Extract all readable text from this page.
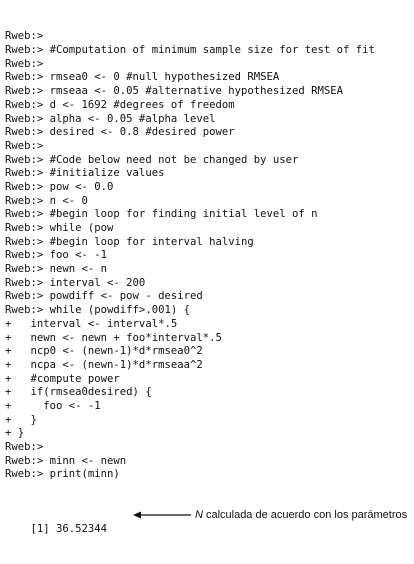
Rweb:>
Rweb:> #Computation of minimum sample size for test of fit
Rweb:>
Rweb:> rmsea0 <- 0 #null hypothesized RMSEA
Rweb:> rmseaa <- 0.05 #alternative hypothesized RMSEA
Rweb:> d <- 1692 #degrees of freedom
Rweb:> alpha <- 0.05 #alpha level
Rweb:> desired <- 0.8 #desired power
Rweb:>
Rweb:> #Code below need not be changed by user
Rweb:> #initialize values
Rweb:> pow <- 0.0
Rweb:> n <- 0
Rweb:> #begin loop for finding initial level of n
Rweb:> while (pow
Rweb:> #begin loop for interval halving
Rweb:> foo <- -1
Rweb:> newn <- n
Rweb:> interval <- 200
Rweb:> powdiff <- pow - desired
Rweb:> while (powdiff>.001) {
+   interval <- interval*.5
+   newn <- newn + foo*interval*.5
+   ncp0 <- (newn-1)*d*rmsea0^2
+   ncpa <- (newn-1)*d*rmseaa^2
+   #compute power
+   if(rmsea0desired) {
+     foo <- -1
+   }
+ }
Rweb:>
Rweb:> minn <- newn
Rweb:> print(minn)

[1] 36.52344

N calculada de acuerdo con los parámetros
